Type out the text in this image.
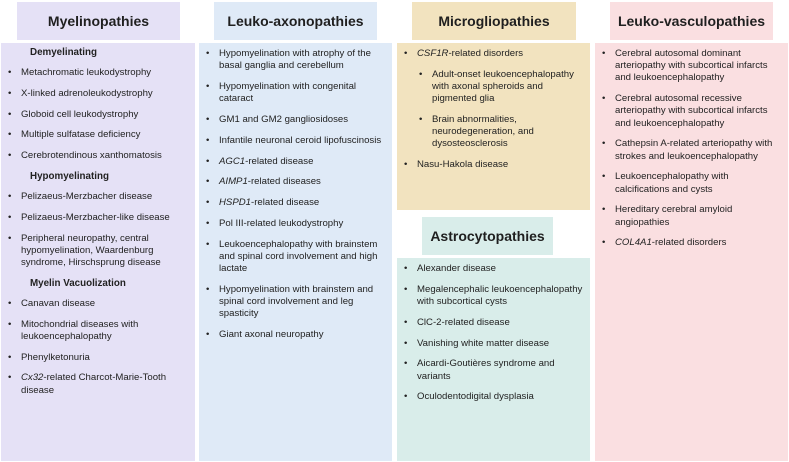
Myelinopathies	Leuko-axonopathies	Microgliopathies	Leuko-vasculopathies
Astrocytopathies
Demyelinating
• Metachromatic leukodystrophy
• X-linked adrenoleukodystrophy
• Globoid cell leukodystrophy
• Multiple sulfatase deficiency
• Cerebrotendinous xanthomatosis
Hypomyelinating
• Pelizaeus-Merzbacher disease
• Pelizaeus-Merzbacher-like disease
• Peripheral neuropathy, central hypomyelination, Waardenburg syndrome, Hirschsprung disease
Myelin Vacuolization
• Canavan disease
• Mitochondrial diseases with leukoencephalopathy
• Phenylketonuria
• Cx32-related Charcot-Marie-Tooth disease
• Hypomyelination with atrophy of the basal ganglia and cerebellum
• Hypomyelination with congenital cataract
• GM1 and GM2 gangliosidoses
• Infantile neuronal ceroid lipofuscinosis
• AGC1-related disease
• AIMP1-related diseases
• HSPD1-related disease
• Pol III-related leukodystrophy
• Leukoencephalopathy with brainstem and spinal cord involvement and high lactate
• Hypomyelination with brainstem and spinal cord involvement and leg spasticity
• Giant axonal neuropathy
• CSF1R-related disorders
• Adult-onset leukoencephalopathy with axonal spheroids and pigmented glia
• Brain abnormalities, neurodegeneration, and dysosteosclerosis
• Nasu-Hakola disease
• Alexander disease
• Megalencephalic leukoencephalopathy with subcortical cysts
• ClC-2-related disease
• Vanishing white matter disease
• Aicardi-Goutières syndrome and variants
• Oculodentodigital dysplasia
• Cerebral autosomal dominant arteriopathy with subcortical infarcts and leukoencephalopathy
• Cerebral autosomal recessive arteriopathy with subcortical infarcts and leukoencephalopathy
• Cathepsin A-related arteriopathy with strokes and leukoencephalopathy
• Leukoencephalopathy with calcifications and cysts
• Hereditary cerebral amyloid angiopathies
• COL4A1-related disorders
